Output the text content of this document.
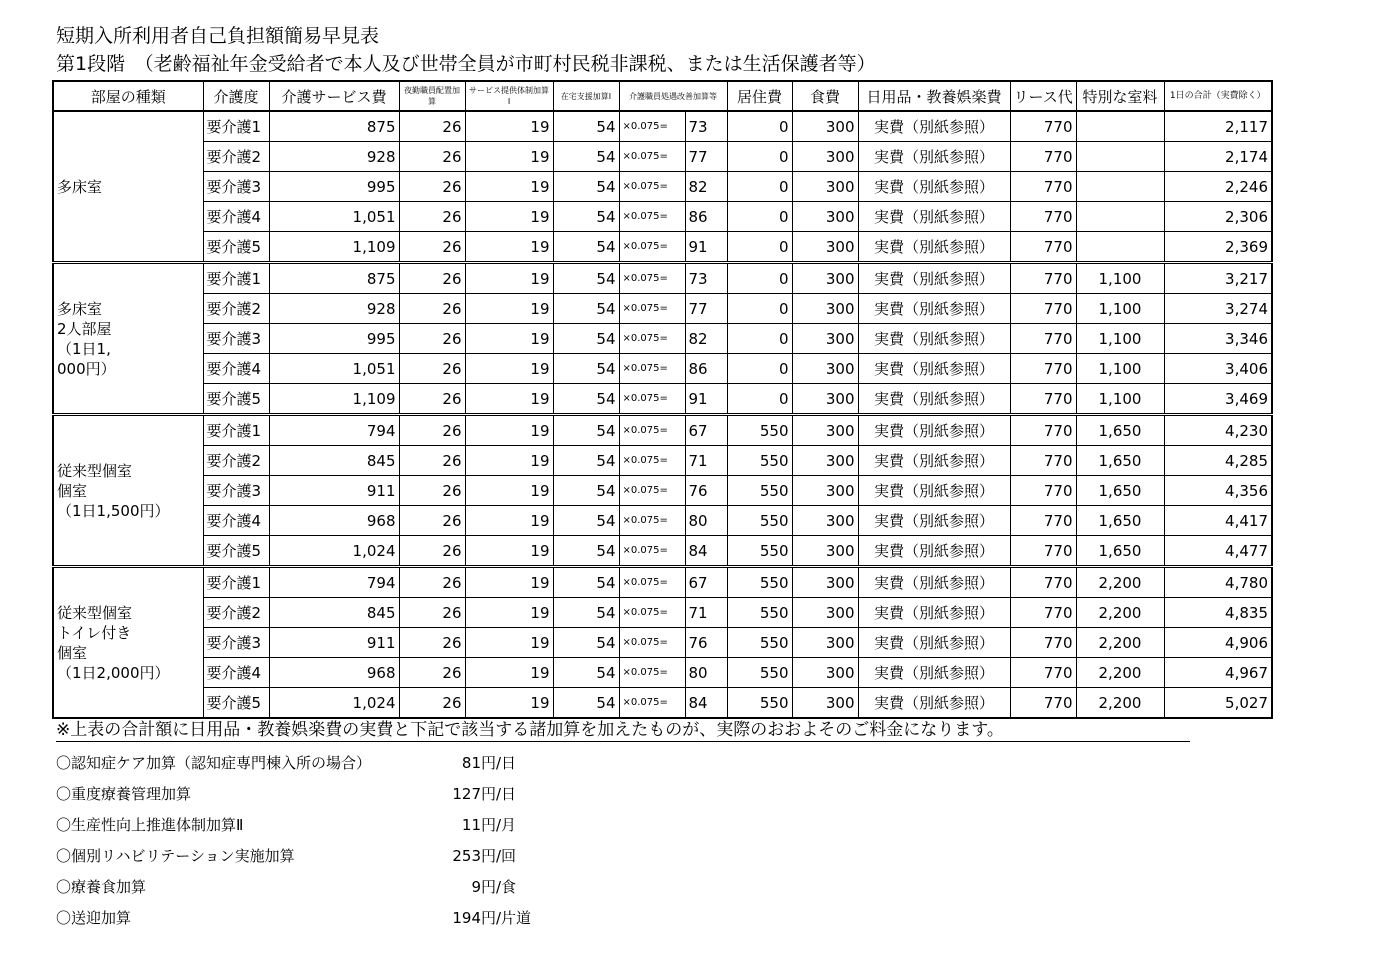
短期入所利用者自己負担額簡易早見表
第1段階　（老齢福祉年金受給者で本人及び世帯全員が市町村民税非課税、または生活保護者等）
部屋の種類	介護度	介護サービス費	夜勤職員配置加算	サービス提供体制加算Ⅰ	在宅支援加算Ⅰ	介護職員処遇改善加算等		居住費	食費	日用品・教養娯楽費	リース代	特別な室料	1日の合計（実費除く）

多床室	要介護1	875	26	19	54	×0.075=	73	0	300	実費（別紙参照）	770		2,117
	要介護2	928	26	19	54	×0.075=	77	0	300	実費（別紙参照）	770		2,174
	要介護3	995	26	19	54	×0.075=	82	0	300	実費（別紙参照）	770		2,246
	要介護4	1,051	26	19	54	×0.075=	86	0	300	実費（別紙参照）	770		2,306
	要介護5	1,109	26	19	54	×0.075=	91	0	300	実費（別紙参照）	770		2,369

多床室
2人部屋
（1日1,
000円）	要介護1	875	26	19	54	×0.075=	73	0	300	実費（別紙参照）	770	1,100	3,217
	要介護2	928	26	19	54	×0.075=	77	0	300	実費（別紙参照）	770	1,100	3,274
	要介護3	995	26	19	54	×0.075=	82	0	300	実費（別紙参照）	770	1,100	3,346
	要介護4	1,051	26	19	54	×0.075=	86	0	300	実費（別紙参照）	770	1,100	3,406
	要介護5	1,109	26	19	54	×0.075=	91	0	300	実費（別紙参照）	770	1,100	3,469

従来型個室
個室
（1日1,500円）	要介護1	794	26	19	54	×0.075=	67	550	300	実費（別紙参照）	770	1,650	4,230
	要介護2	845	26	19	54	×0.075=	71	550	300	実費（別紙参照）	770	1,650	4,285
	要介護3	911	26	19	54	×0.075=	76	550	300	実費（別紙参照）	770	1,650	4,356
	要介護4	968	26	19	54	×0.075=	80	550	300	実費（別紙参照）	770	1,650	4,417
	要介護5	1,024	26	19	54	×0.075=	84	550	300	実費（別紙参照）	770	1,650	4,477

従来型個室
トイレ付き
個室
（1日2,000円）	要介護1	794	26	19	54	×0.075=	67	550	300	実費（別紙参照）	770	2,200	4,780
	要介護2	845	26	19	54	×0.075=	71	550	300	実費（別紙参照）	770	2,200	4,835
	要介護3	911	26	19	54	×0.075=	76	550	300	実費（別紙参照）	770	2,200	4,906
	要介護4	968	26	19	54	×0.075=	80	550	300	実費（別紙参照）	770	2,200	4,967
	要介護5	1,024	26	19	54	×0.075=	84	550	300	実費（別紙参照）	770	2,200	5,027
※上表の合計額に日用品・教養娯楽費の実費と下記で該当する諸加算を加えたものが、実際のおおよそのご料金になります。
〇認知症ケア加算（認知症専門棟入所の場合）	81円/日
〇重度療養管理加算	127円/日
〇生産性向上推進体制加算Ⅱ	11円/月
〇個別リハビリテーション実施加算	253円/回
〇療養食加算	9円/食
〇送迎加算	194円/片道
